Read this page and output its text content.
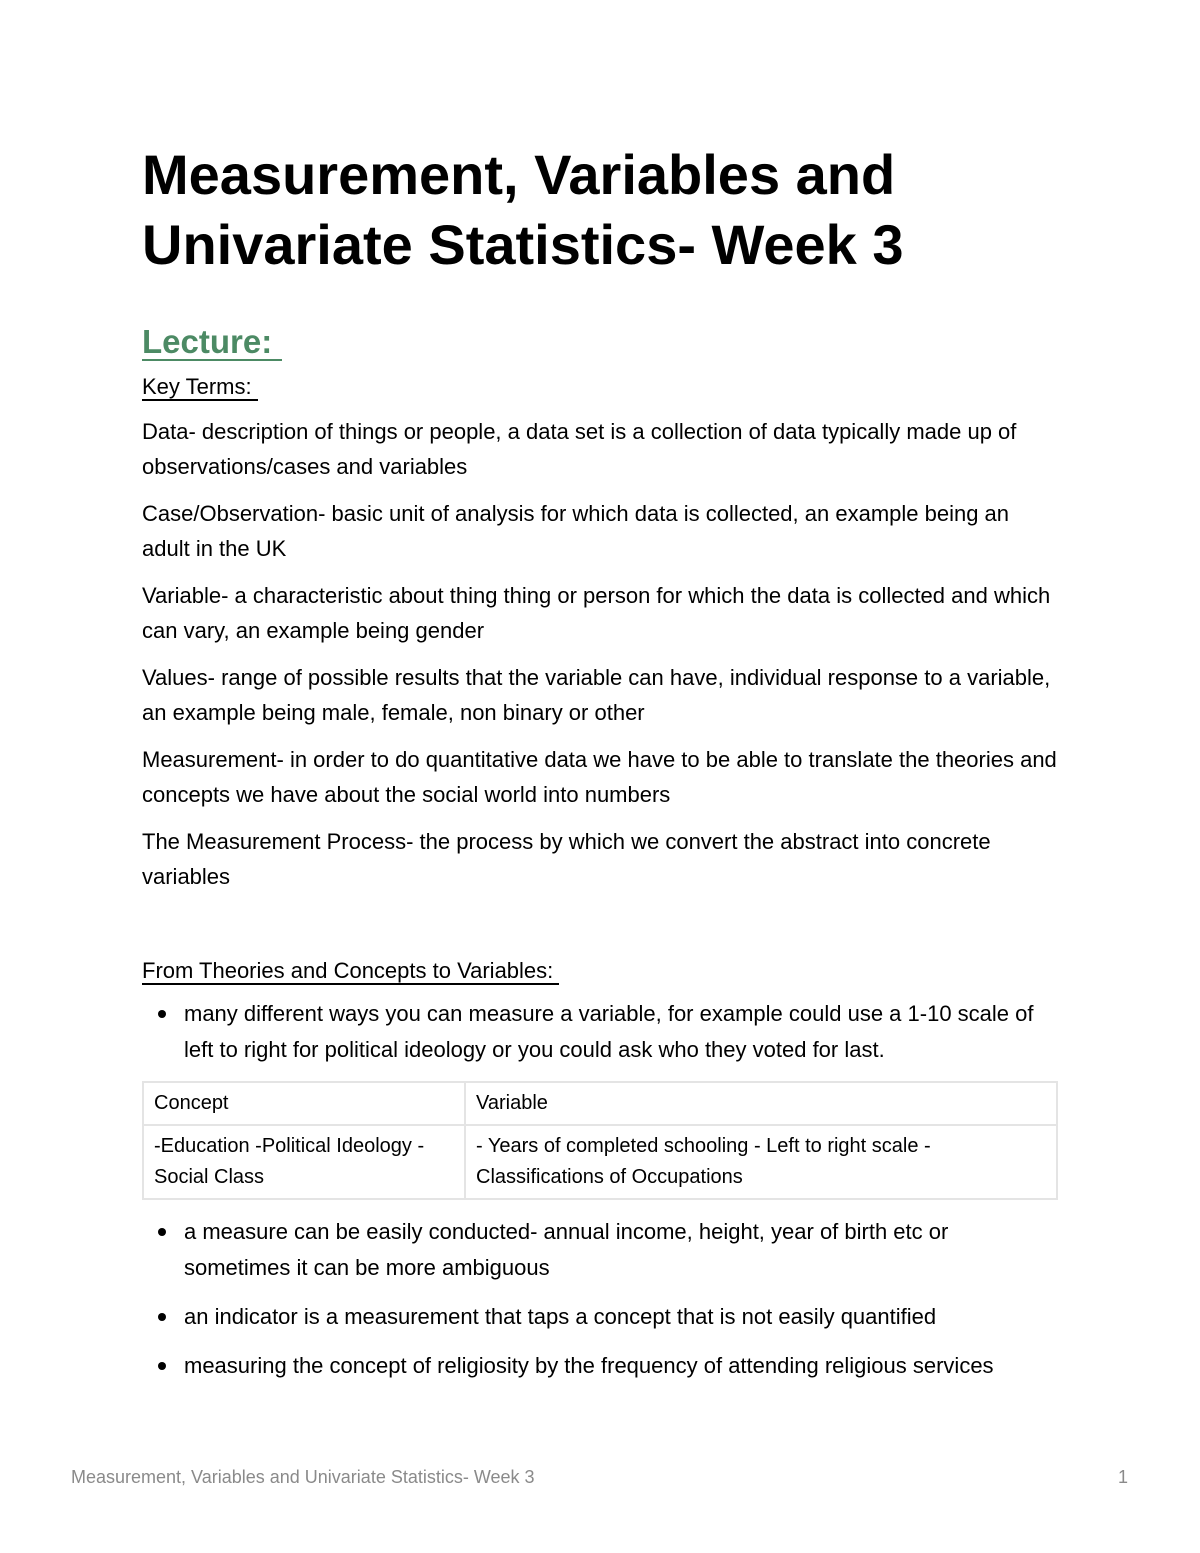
Measurement, Variables and
Univariate Statistics- Week 3
Lecture:

Key Terms:

Data- description of things or people, a data set is a collection of data typically made up of observations/cases and variables

Case/Observation- basic unit of analysis for which data is collected, an example being an adult in the UK

Variable- a characteristic about thing thing or person for which the data is collected and which can vary, an example being gender

Values- range of possible results that the variable can have, individual response to a variable, an example being male, female, non binary or other

Measurement- in order to do quantitative data we have to be able to translate the theories and concepts we have about the social world into numbers

The Measurement Process- the process by which we convert the abstract into concrete variables

From Theories and Concepts to Variables:

many different ways you can measure a variable, for example could use a 1-10 scale of left to right for political ideology or you could ask who they voted for last.
Concept	Variable
-Education -Political Ideology -Social Class	- Years of completed schooling - Left to right scale - Classifications of Occupations
a measure can be easily conducted- annual income, height, year of birth etc or sometimes it can be more ambiguous
an indicator is a measurement that taps a concept that is not easily quantified
measuring the concept of religiosity by the frequency of attending religious services
Measurement, Variables and Univariate Statistics- Week 3	1
